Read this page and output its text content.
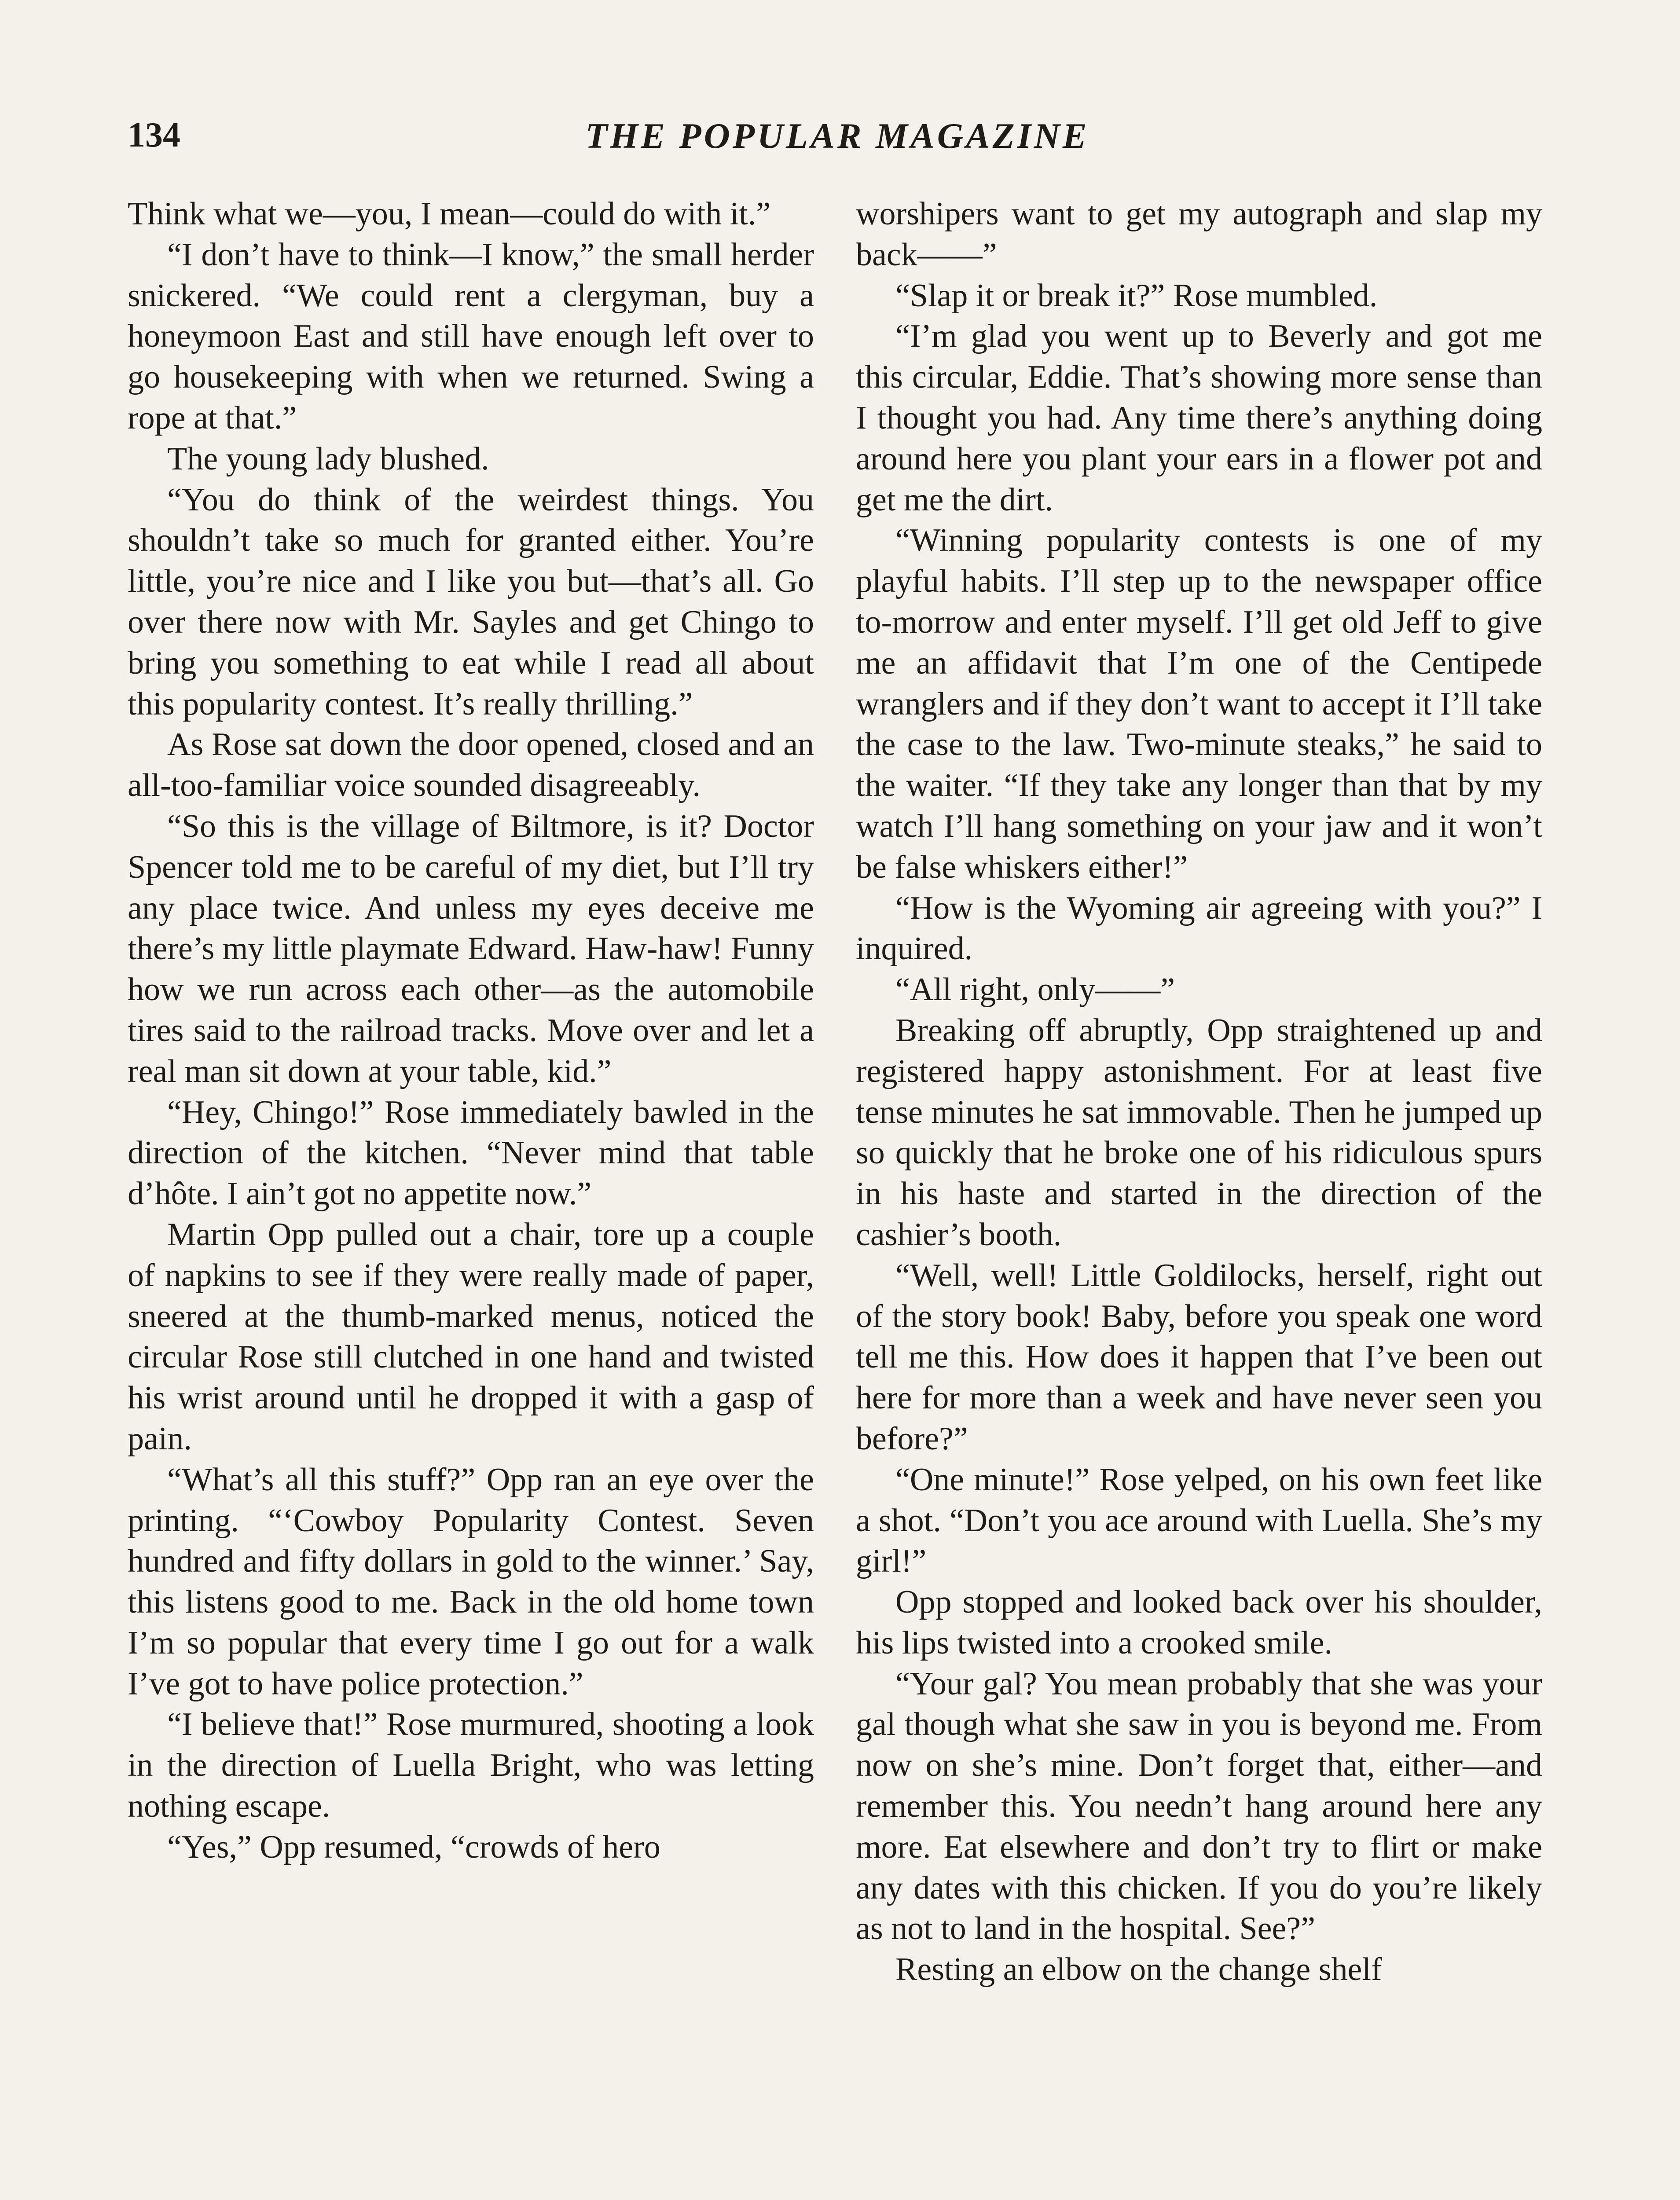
134	THE POPULAR MAGAZINE

Think what we—you, I mean—could do with it.”

“I don’t have to think—I know,” the small herder snickered. “We could rent a clergyman, buy a honeymoon East and still have enough left over to go housekeeping with when we returned. Swing a rope at that.”

The young lady blushed.

“You do think of the weirdest things. You shouldn’t take so much for granted either. You’re little, you’re nice and I like you but—that’s all. Go over there now with Mr. Sayles and get Chingo to bring you something to eat while I read all about this popularity contest. It’s really thrilling.”

As Rose sat down the door opened, closed and an all-too-familiar voice sounded disagreeably.

“So this is the village of Biltmore, is it? Doctor Spencer told me to be careful of my diet, but I’ll try any place twice. And unless my eyes deceive me there’s my little playmate Edward. Haw-haw! Funny how we run across each other—as the automobile tires said to the railroad tracks. Move over and let a real man sit down at your table, kid.”

“Hey, Chingo!” Rose immediately bawled in the direction of the kitchen. “Never mind that table d’hôte. I ain’t got no appetite now.”

Martin Opp pulled out a chair, tore up a couple of napkins to see if they were really made of paper, sneered at the thumb-marked menus, noticed the circular Rose still clutched in one hand and twisted his wrist around until he dropped it with a gasp of pain.

“What’s all this stuff?” Opp ran an eye over the printing. “‘Cowboy Popularity Contest. Seven hundred and fifty dollars in gold to the winner.’ Say, this listens good to me. Back in the old home town I’m so popular that every time I go out for a walk I’ve got to have police protection.”

“I believe that!” Rose murmured, shooting a look in the direction of Luella Bright, who was letting nothing escape.

“Yes,” Opp resumed, “crowds of hero

worshipers want to get my autograph and slap my back——”

“Slap it or break it?” Rose mumbled.

“I’m glad you went up to Beverly and got me this circular, Eddie. That’s showing more sense than I thought you had. Any time there’s anything doing around here you plant your ears in a flower pot and get me the dirt.

“Winning popularity contests is one of my playful habits. I’ll step up to the newspaper office to-morrow and enter myself. I’ll get old Jeff to give me an affidavit that I’m one of the Centipede wranglers and if they don’t want to accept it I’ll take the case to the law. Two-minute steaks,” he said to the waiter. “If they take any longer than that by my watch I’ll hang something on your jaw and it won’t be false whiskers either!”

“How is the Wyoming air agreeing with you?” I inquired.

“All right, only——”

Breaking off abruptly, Opp straightened up and registered happy astonishment. For at least five tense minutes he sat immovable. Then he jumped up so quickly that he broke one of his ridiculous spurs in his haste and started in the direction of the cashier’s booth.

“Well, well! Little Goldilocks, herself, right out of the story book! Baby, before you speak one word tell me this. How does it happen that I’ve been out here for more than a week and have never seen you before?”

“One minute!” Rose yelped, on his own feet like a shot. “Don’t you ace around with Luella. She’s my girl!”

Opp stopped and looked back over his shoulder, his lips twisted into a crooked smile.

“Your gal? You mean probably that she was your gal though what she saw in you is beyond me. From now on she’s mine. Don’t forget that, either—and remember this. You needn’t hang around here any more. Eat elsewhere and don’t try to flirt or make any dates with this chicken. If you do you’re likely as not to land in the hospital. See?”

Resting an elbow on the change shelf
